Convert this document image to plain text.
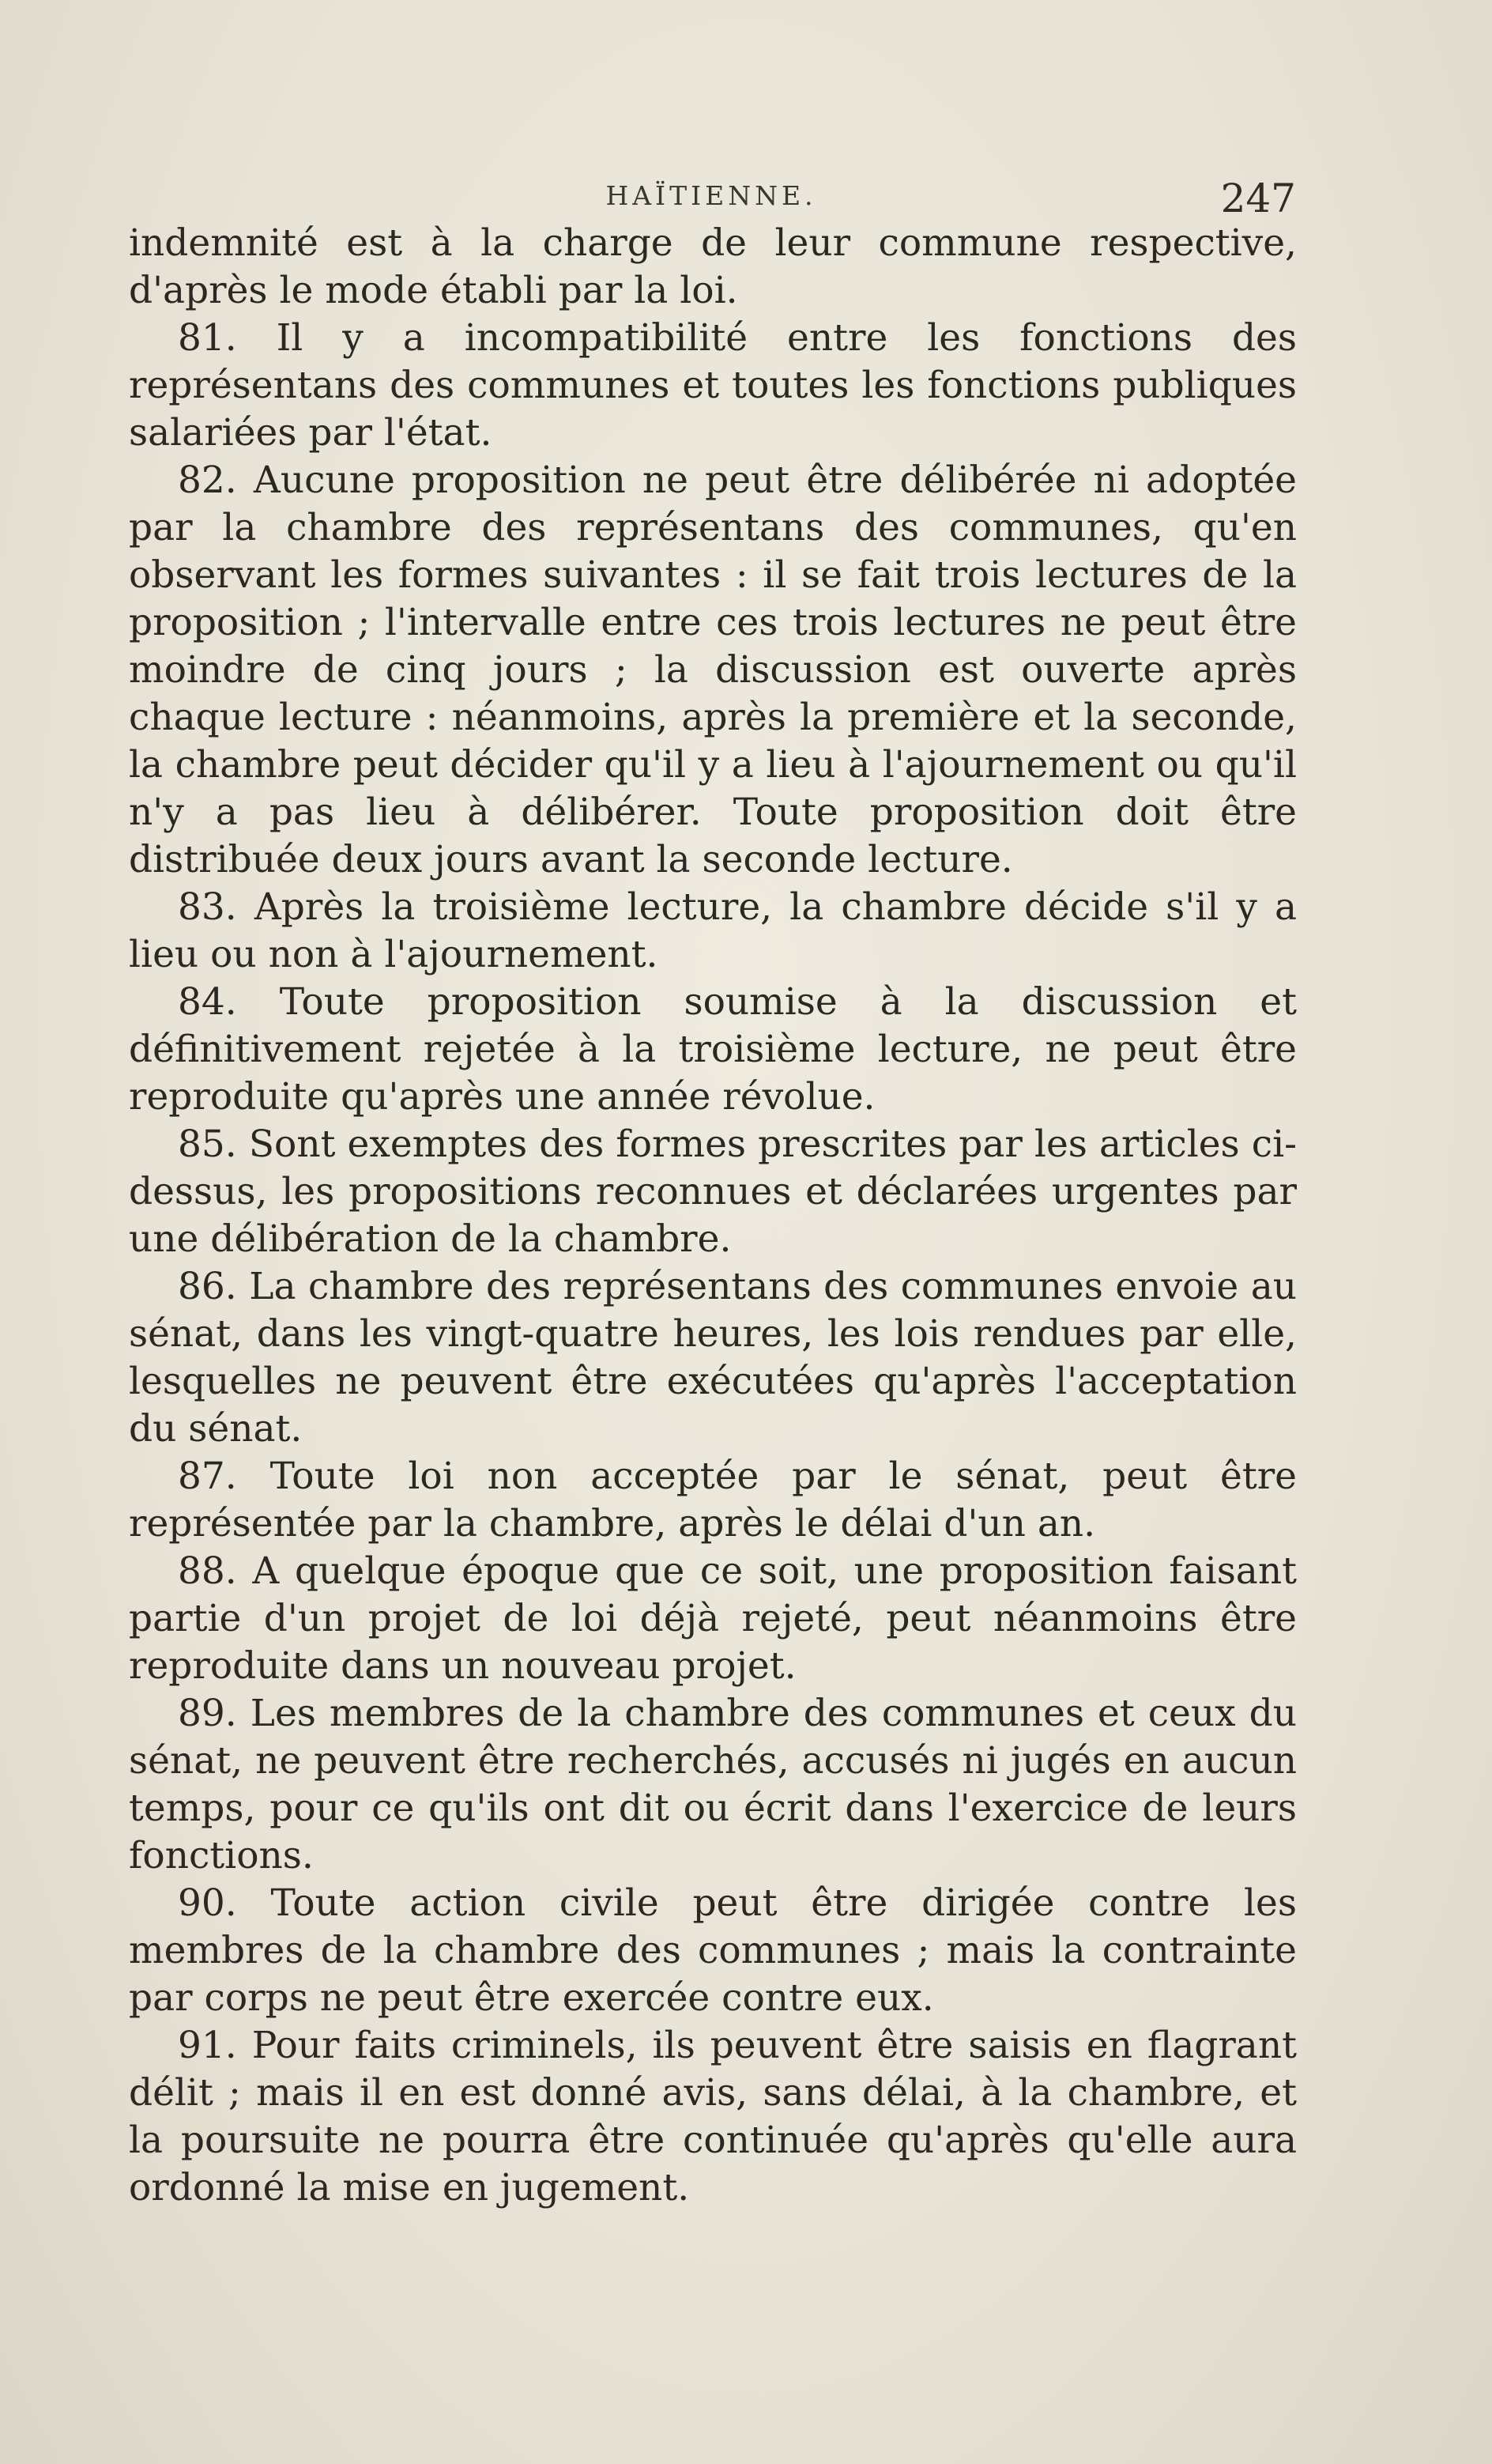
HAÏTIENNE.	247

indemnité est à la charge de leur commune respective, d'après le mode établi par la loi.

81. Il y a incompatibilité entre les fonctions des représentans des communes et toutes les fonctions publiques salariées par l'état.

82. Aucune proposition ne peut être délibérée ni adoptée par la chambre des représentans des communes, qu'en observant les formes suivantes : il se fait trois lectures de la proposition ; l'intervalle entre ces trois lectures ne peut être moindre de cinq jours ; la discussion est ouverte après chaque lecture : néanmoins, après la première et la seconde, la chambre peut décider qu'il y a lieu à l'ajournement ou qu'il n'y a pas lieu à délibérer. Toute proposition doit être distribuée deux jours avant la seconde lecture.

83. Après la troisième lecture, la chambre décide s'il y a lieu ou non à l'ajournement.

84. Toute proposition soumise à la discussion et définitivement rejetée à la troisième lecture, ne peut être reproduite qu'après une année révolue.

85. Sont exemptes des formes prescrites par les articles ci-dessus, les propositions reconnues et déclarées urgentes par une délibération de la chambre.

86. La chambre des représentans des communes envoie au sénat, dans les vingt-quatre heures, les lois rendues par elle, lesquelles ne peuvent être exécutées qu'après l'acceptation du sénat.

87. Toute loi non acceptée par le sénat, peut être représentée par la chambre, après le délai d'un an.

88. A quelque époque que ce soit, une proposition faisant partie d'un projet de loi déjà rejeté, peut néanmoins être reproduite dans un nouveau projet.

89. Les membres de la chambre des communes et ceux du sénat, ne peuvent être recherchés, accusés ni jugés en aucun temps, pour ce qu'ils ont dit ou écrit dans l'exercice de leurs fonctions.

90. Toute action civile peut être dirigée contre les membres de la chambre des communes ; mais la contrainte par corps ne peut être exercée contre eux.

91. Pour faits criminels, ils peuvent être saisis en flagrant délit ; mais il en est donné avis, sans délai, à la chambre, et la poursuite ne pourra être continuée qu'après qu'elle aura ordonné la mise en jugement.
